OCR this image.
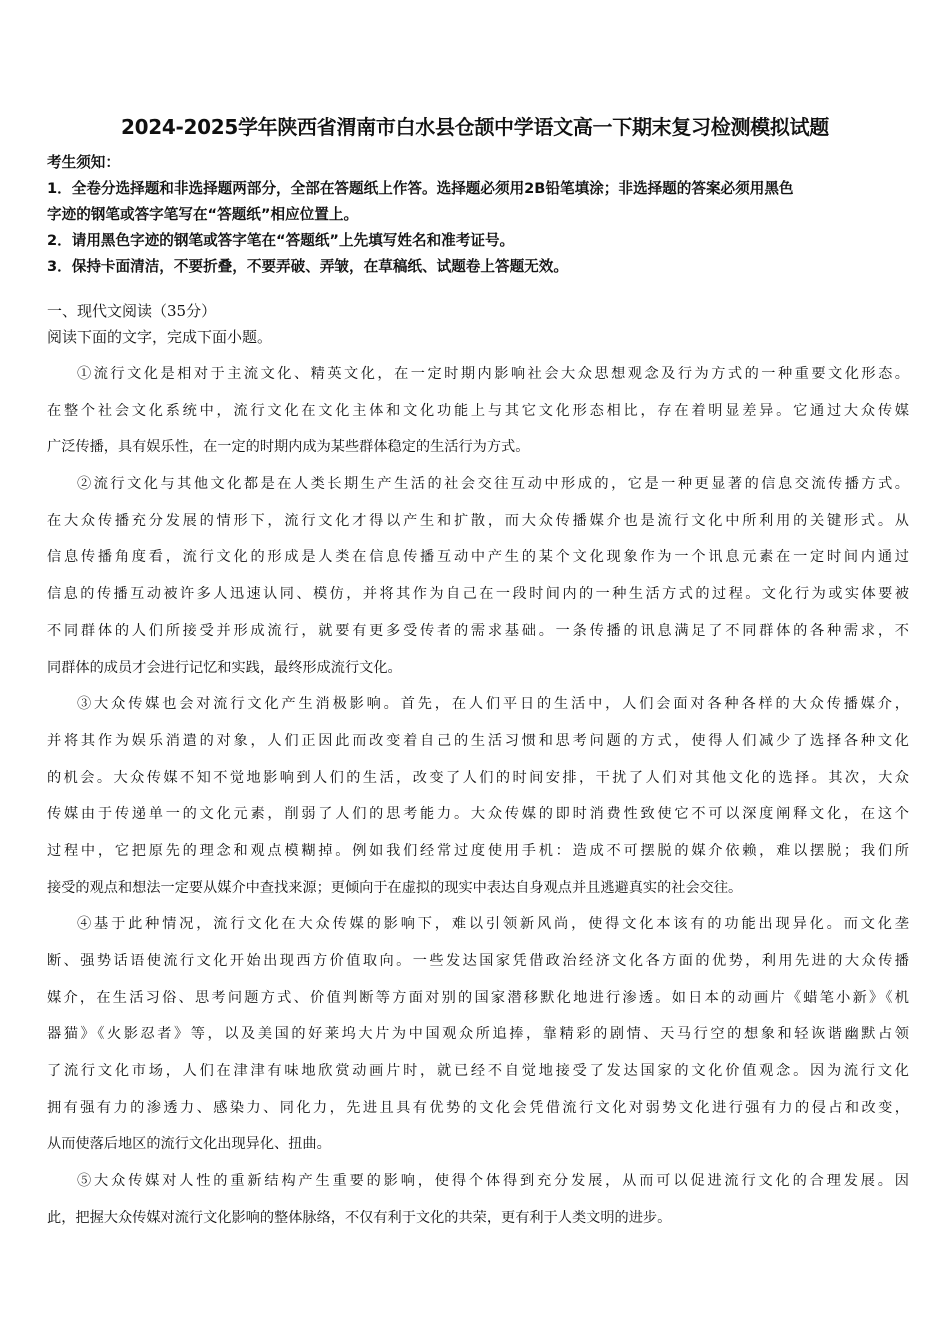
2024-2025学年陕西省渭南市白水县仓颉中学语文高一下期末复习检测模拟试题
考生须知：
1．全卷分选择题和非选择题两部分，全部在答题纸上作答。选择题必须用2B铅笔填涂；非选择题的答案必须用黑色
字迹的钢笔或答字笔写在“答题纸”相应位置上。
2．请用黑色字迹的钢笔或答字笔在“答题纸”上先填写姓名和准考证号。
3．保持卡面清洁，不要折叠，不要弄破、弄皱，在草稿纸、试题卷上答题无效。
一、现代文阅读（35分）
阅读下面的文字，完成下面小题。
①流行文化是相对于主流文化、精英文化，在一定时期内影响社会大众思想观念及行为方式的一种重要文化形态。
在整个社会文化系统中，流行文化在文化主体和文化功能上与其它文化形态相比，存在着明显差异。它通过大众传媒
广泛传播，具有娱乐性，在一定的时期内成为某些群体稳定的生活行为方式。
②流行文化与其他文化都是在人类长期生产生活的社会交往互动中形成的，它是一种更显著的信息交流传播方式。
在大众传播充分发展的情形下，流行文化才得以产生和扩散，而大众传播媒介也是流行文化中所利用的关键形式。从
信息传播角度看，流行文化的形成是人类在信息传播互动中产生的某个文化现象作为一个讯息元素在一定时间内通过
信息的传播互动被许多人迅速认同、模仿，并将其作为自己在一段时间内的一种生活方式的过程。文化行为或实体要被
不同群体的人们所接受并形成流行，就要有更多受传者的需求基础。一条传播的讯息满足了不同群体的各种需求，不
同群体的成员才会进行记忆和实践，最终形成流行文化。
③大众传媒也会对流行文化产生消极影响。首先，在人们平日的生活中，人们会面对各种各样的大众传播媒介，
并将其作为娱乐消遣的对象，人们正因此而改变着自己的生活习惯和思考问题的方式，使得人们减少了选择各种文化
的机会。大众传媒不知不觉地影响到人们的生活，改变了人们的时间安排，干扰了人们对其他文化的选择。其次，大众
传媒由于传递单一的文化元素，削弱了人们的思考能力。大众传媒的即时消费性致使它不可以深度阐释文化，在这个
过程中，它把原先的理念和观点模糊掉。例如我们经常过度使用手机：造成不可摆脱的媒介依赖，难以摆脱；我们所
接受的观点和想法一定要从媒介中查找来源；更倾向于在虚拟的现实中表达自身观点并且逃避真实的社会交往。
④基于此种情况，流行文化在大众传媒的影响下，难以引领新风尚，使得文化本该有的功能出现异化。而文化垄
断、强势话语使流行文化开始出现西方价值取向。一些发达国家凭借政治经济文化各方面的优势，利用先进的大众传播
媒介，在生活习俗、思考问题方式、价值判断等方面对别的国家潜移默化地进行渗透。如日本的动画片《蜡笔小新》《机
器猫》《火影忍者》等，以及美国的好莱坞大片为中国观众所追捧，靠精彩的剧情、天马行空的想象和轻诙谐幽默占领
了流行文化市场，人们在津津有味地欣赏动画片时，就已经不自觉地接受了发达国家的文化价值观念。因为流行文化
拥有强有力的渗透力、感染力、同化力，先进且具有优势的文化会凭借流行文化对弱势文化进行强有力的侵占和改变，
从而使落后地区的流行文化出现异化、扭曲。
⑤大众传媒对人性的重新结构产生重要的影响，使得个体得到充分发展，从而可以促进流行文化的合理发展。因
此，把握大众传媒对流行文化影响的整体脉络，不仅有利于文化的共荣，更有利于人类文明的进步。
